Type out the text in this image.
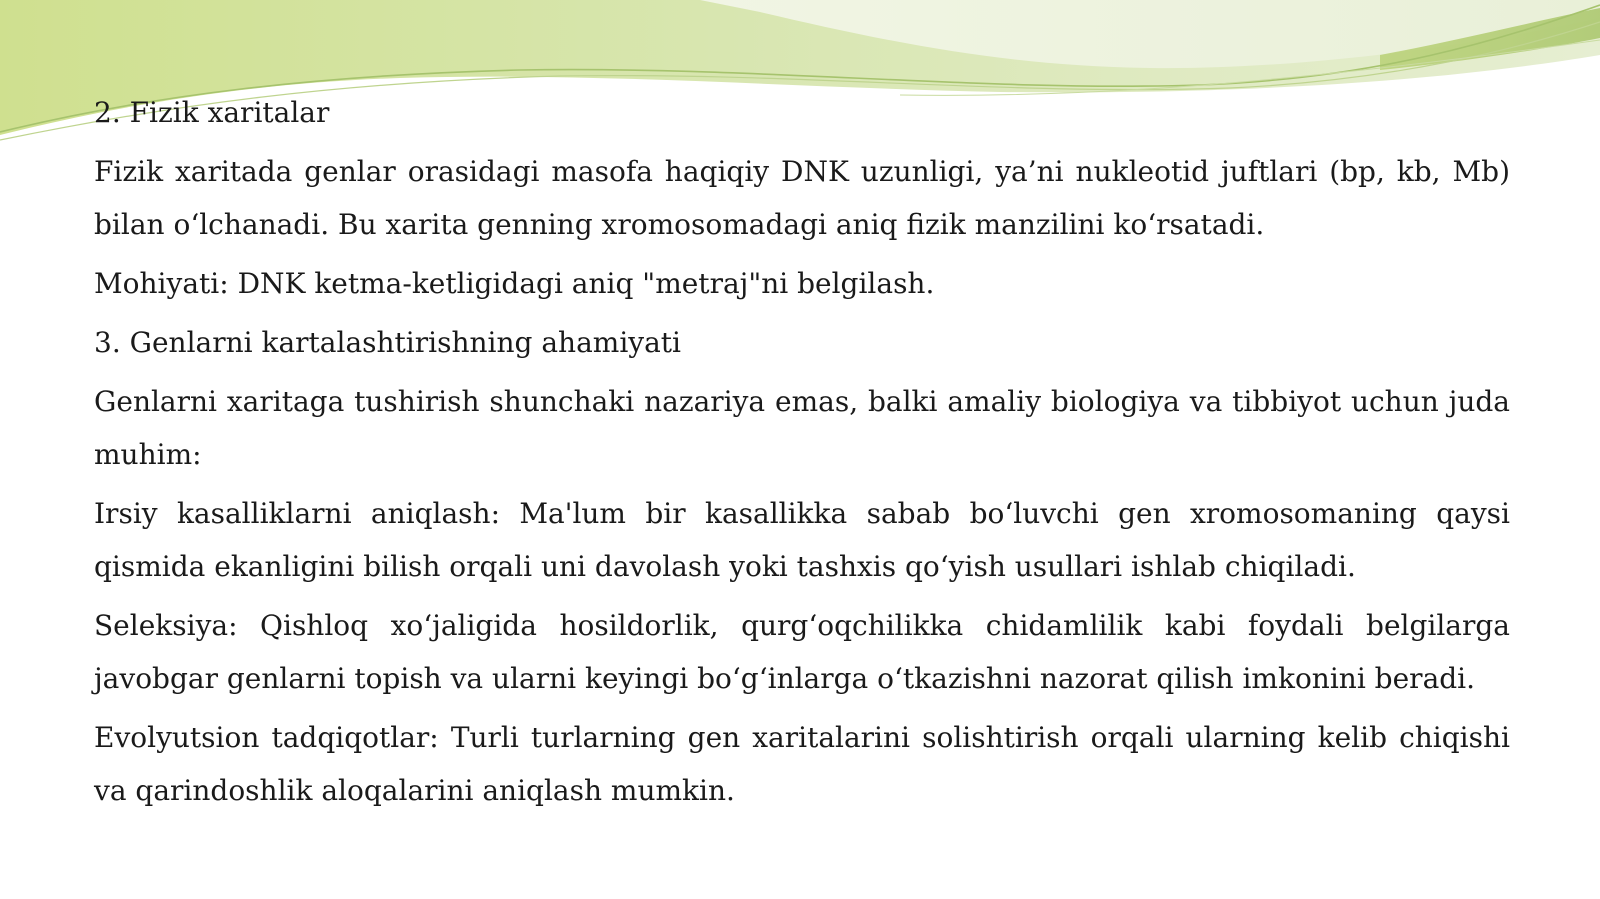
2. Fizik xaritalar

Fizik xaritada genlar orasidagi masofa haqiqiy DNK uzunligi, ya’ni nukleotid juftlari (bp, kb, Mb) bilan o‘lchanadi. Bu xarita genning xromosomadagi aniq fizik manzilini ko‘rsatadi.

Mohiyati: DNK ketma-ketligidagi aniq "metraj"ni belgilash.

3. Genlarni kartalashtirishning ahamiyati

Genlarni xaritaga tushirish shunchaki nazariya emas, balki amaliy biologiya va tibbiyot uchun juda muhim:

Irsiy kasalliklarni aniqlash: Ma'lum bir kasallikka sabab bo‘luvchi gen xromosomaning qaysi qismida ekanligini bilish orqali uni davolash yoki tashxis qo‘yish usullari ishlab chiqiladi.

Seleksiya: Qishloq xo‘jaligida hosildorlik, qurg‘oqchilikka chidamlilik kabi foydali belgilarga javobgar genlarni topish va ularni keyingi bo‘g‘inlarga o‘tkazishni nazorat qilish imkonini beradi.

Evolyutsion tadqiqotlar: Turli turlarning gen xaritalarini solishtirish orqali ularning kelib chiqishi va qarindoshlik aloqalarini aniqlash mumkin.
